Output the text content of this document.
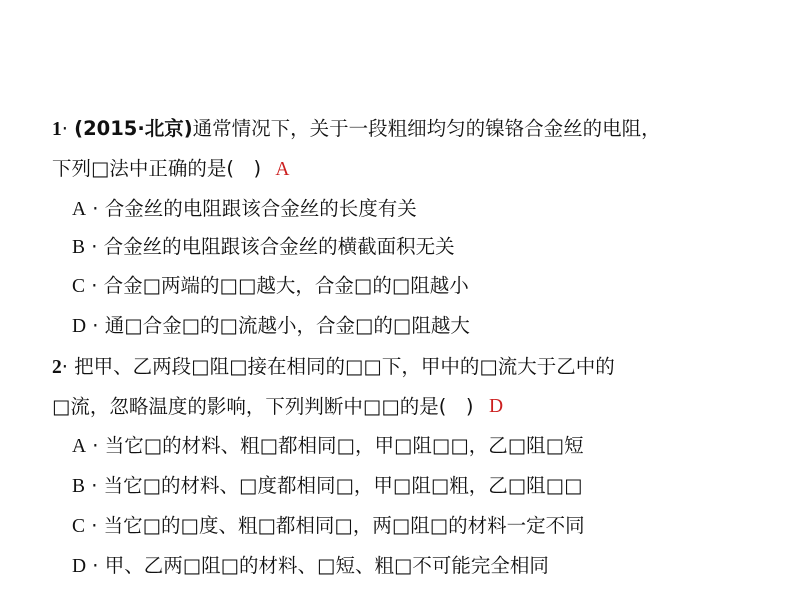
1· (2015·北京)通常情况下，关于一段粗细均匀的镍铬合金丝的电阻，
下列□法中正确的是(　) A
A · 合金丝的电阻跟该合金丝的长度有关
B · 合金丝的电阻跟该合金丝的横截面积无关
C · 合金□两端的□□越大，合金□的□阻越小
D · 通□合金□的□流越小，合金□的□阻越大
2· 把甲、乙两段□阻□接在相同的□□下，甲中的□流大于乙中的
□流，忽略温度的影响，下列判断中□□的是(　) D
A · 当它□的材料、粗□都相同□，甲□阻□□，乙□阻□短
B · 当它□的材料、□度都相同□，甲□阻□粗，乙□阻□□
C · 当它□的□度、粗□都相同□，两□阻□的材料一定不同
D · 甲、乙两□阻□的材料、□短、粗□不可能完全相同
